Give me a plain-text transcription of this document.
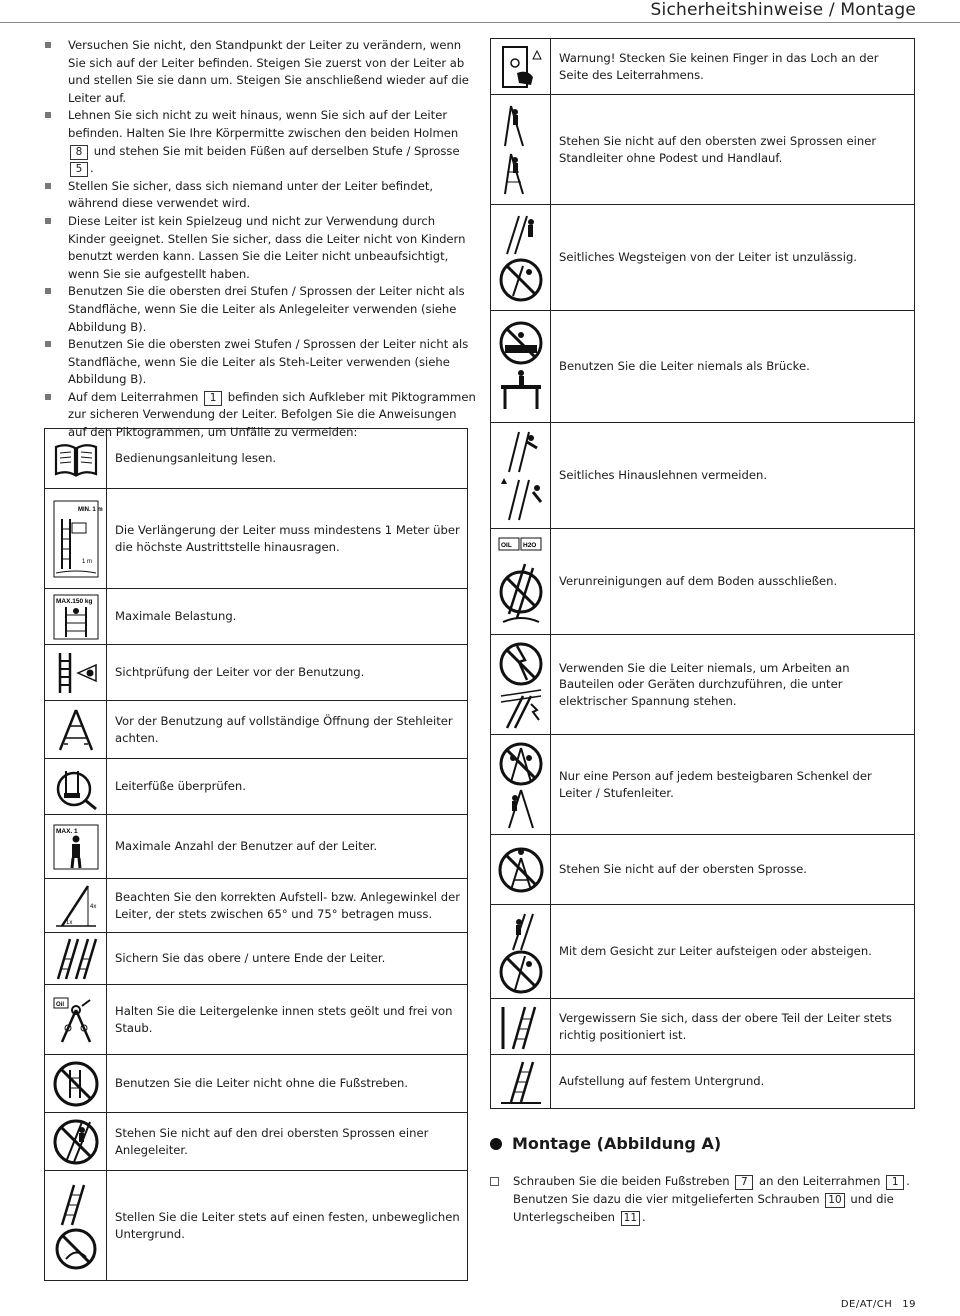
Sicherheitshinweise / Montage
Versuchen Sie nicht, den Standpunkt der Leiter zu verändern, wenn Sie sich auf der Leiter befinden. Steigen Sie zuerst von der Leiter ab und stellen Sie sie dann um. Steigen Sie anschließend wieder auf die Leiter auf.
Lehnen Sie sich nicht zu weit hinaus, wenn Sie sich auf der Leiter befinden. Halten Sie Ihre Körpermitte zwischen den beiden Holmen 8 und stehen Sie mit beiden Füßen auf derselben Stufe / Sprosse 5 .
Stellen Sie sicher, dass sich niemand unter der Leiter befindet, während diese verwendet wird.
Diese Leiter ist kein Spielzeug und nicht zur Verwendung durch Kinder geeignet. Stellen Sie sicher, dass die Leiter nicht von Kindern benutzt werden kann. Lassen Sie die Leiter nicht unbeaufsichtigt, wenn Sie sie aufgestellt haben.
Benutzen Sie die obersten drei Stufen / Sprossen der Leiter nicht als Standfläche, wenn Sie die Leiter als Anlegeleiter verwenden (siehe Abbildung B).
Benutzen Sie die obersten zwei Stufen / Sprossen der Leiter nicht als Standfläche, wenn Sie die Leiter als Steh-Leiter verwenden (siehe Abbildung B).
Auf dem Leiterrahmen 1 befinden sich Aufkleber mit Piktogrammen zur sicheren Verwendung der Leiter. Befolgen Sie die Anweisungen auf den Piktogrammen, um Unfälle zu vermeiden:
	Bedienungsanleitung lesen.

MIN. 1 m
1 m	Die Verlängerung der Leiter muss mindestens 1 Meter über die höchste Austrittstelle hinausragen.

MAX.150 kg	Maximale Belastung.

	Sichtprüfung der Leiter vor der Benutzung.

	Vor der Benutzung auf vollständige Öffnung der Stehleiter achten.

	Leiterfüße überprüfen.

MAX. 1	Maximale Anzahl der Benutzer auf der Leiter.

4x
1x	Beachten Sie den korrekten Aufstell- bzw. Anlegewinkel der Leiter, der stets zwischen 65° und 75° betragen muss.

	Sichern Sie das obere / untere Ende der Leiter.

Oil	Halten Sie die Leitergelenke innen stets geölt und frei von Staub.

	Benutzen Sie die Leiter nicht ohne die Fußstreben.

	Stehen Sie nicht auf den drei obersten Sprossen einer Anlegeleiter.

	Stellen Sie die Leiter stets auf einen festen, unbeweglichen Untergrund.
	Warnung! Stecken Sie keinen Finger in das Loch an der Seite des Leiterrahmens.

	Stehen Sie nicht auf den obersten zwei Sprossen einer Standleiter ohne Podest und Handlauf.

	Seitliches Wegsteigen von der Leiter ist unzulässig.

	Benutzen Sie die Leiter niemals als Brücke.

	Seitliches Hinauslehnen vermeiden.

OIL H2O	Verunreinigungen auf dem Boden ausschließen.

	Verwenden Sie die Leiter niemals, um Arbeiten an Bauteilen oder Geräten durchzuführen, die unter elektrischer Spannung stehen.

	Nur eine Person auf jedem besteigbaren Schenkel der Leiter / Stufenleiter.

	Stehen Sie nicht auf der obersten Sprosse.

	Mit dem Gesicht zur Leiter aufsteigen oder absteigen.

	Vergewissern Sie sich, dass der obere Teil der Leiter stets richtig positioniert ist.

	Aufstellung auf festem Untergrund.
Montage (Abbildung A)

Schrauben Sie die beiden Fußstreben 7 an den Leiterrahmen 1 . Benutzen Sie dazu die vier mitgelieferten Schrauben 10 und die Unterlegscheiben 11 .

DE/AT/CH 19
